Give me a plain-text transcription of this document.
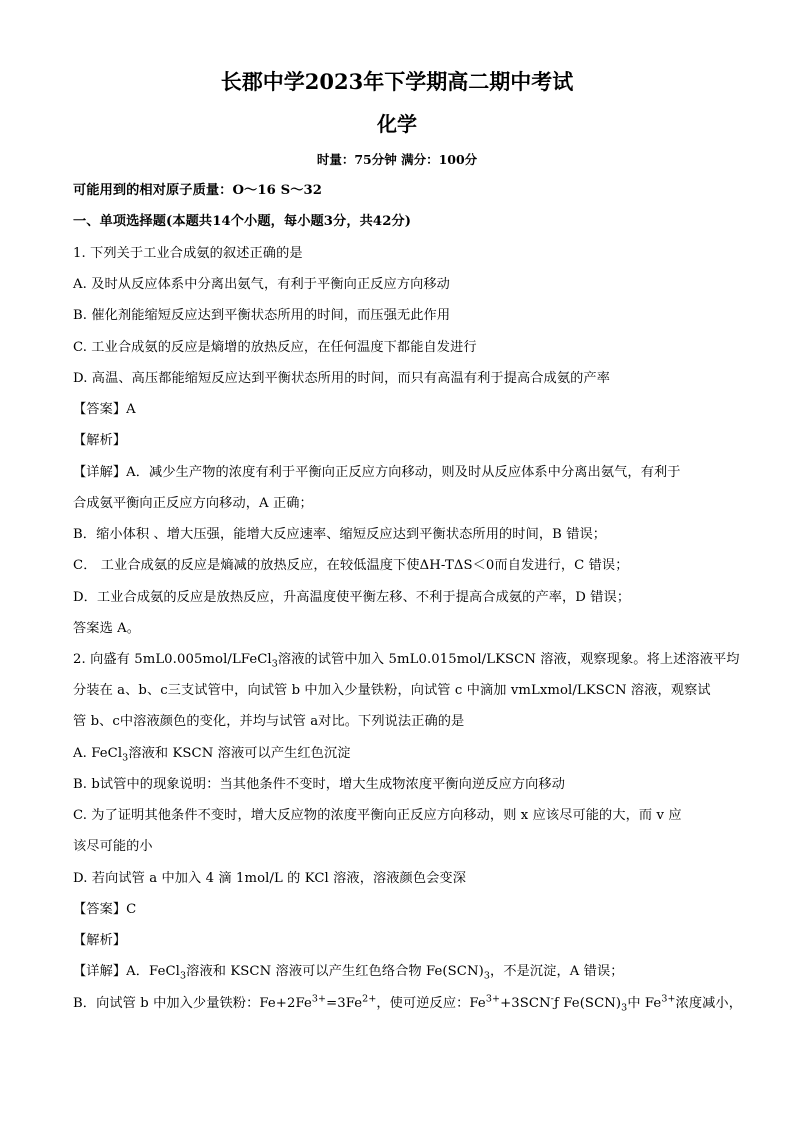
长郡中学2023年下学期高二期中考试
化学
时量：75分钟 满分：100分
可能用到的相对原子质量：O～16 S～32
一、单项选择题(本题共14个小题，每小题3分，共42分)
1. 下列关于工业合成氨的叙述正确的是
A. 及时从反应体系中分离出氨气，有利于平衡向正反应方向移动
B. 催化剂能缩短反应达到平衡状态所用的时间，而压强无此作用
C. 工业合成氨的反应是熵增的放热反应，在任何温度下都能自发进行
D. 高温、高压都能缩短反应达到平衡状态所用的时间，而只有高温有利于提高合成氨的产率
【答案】A
【解析】
【详解】A．减少生产物的浓度有利于平衡向正反应方向移动，则及时从反应体系中分离出氨气，有利于
合成氨平衡向正反应方向移动，A 正确；
B．缩小体积 、增大压强，能增大反应速率、缩短反应达到平衡状态所用的时间，B 错误；
C． 工业合成氨的反应是熵减的放热反应，在较低温度下使ΔH-TΔS＜0而自发进行，C 错误；
D．工业合成氨的反应是放热反应，升高温度使平衡左移、不利于提高合成氨的产率，D 错误；
答案选 A。
2. 向盛有 5mL0.005mol/LFeCl$_3$溶液的试管中加入 5mL0.015mol/LKSCN 溶液，观察现象。将上述溶液平均
分装在 a、b、c三支试管中，向试管 b 中加入少量铁粉，向试管 c 中滴加 vmLxmol/LKSCN 溶液，观察试
管 b、c中溶液颜色的变化，并均与试管 a对比。下列说法正确的是
A. FeCl$_3$溶液和 KSCN 溶液可以产生红色沉淀
B. b试管中的现象说明：当其他条件不变时，增大生成物浓度平衡向逆反应方向移动
C. 为了证明其他条件不变时，增大反应物的浓度平衡向正反应方向移动，则 x 应该尽可能的大，而 v 应
该尽可能的小
D. 若向试管 a 中加入 4 滴 1mol/L 的 KCl 溶液，溶液颜色会变深
【答案】C
【解析】
【详解】A．FeCl$_3$溶液和 KSCN 溶液可以产生红色络合物 $Fe(SCN)_3$，不是沉淀，A 错误；
B．向试管 b 中加入少量铁粉：$Fe+2Fe^{3+}=3Fe^{2+}$，使可逆反应：$Fe^{3+}+3SCN^-ƒ$ $Fe(SCN)_3$中 $Fe^{3+}$浓度减小，
